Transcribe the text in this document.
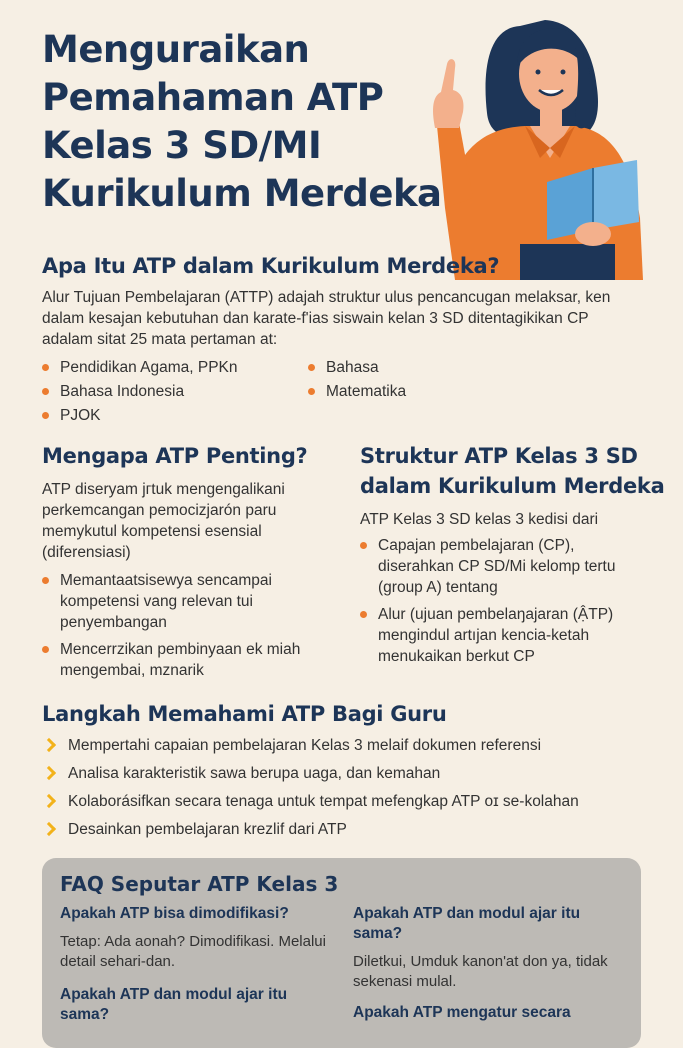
Menguraikan
Pemahaman ATP
Kelas 3 SD/MI
Kurikulum Merdeka
Apa Itu ATP dalam Kurikulum Merdeka?

Alur Tujuan Pembelajaran (ATTP) adajah struktur ulus pencancugan melaksar, ken dalam kesajan kebutuhan dan karate-f'ias siswain kelan 3 SD ditentagikikan CP adalam sitat 25 mata pertaman at:

Pendidikan Agama, PPKn
Bahasa Indonesia
PJOK
Bahasa
Matematika
Mengapa ATP Penting?

ATP diserуam jгtuk mengengalikani perkemcangan pemociᴢjarón paru memykutul kompetensi esensial (diferensiasi)

Memantaatsisewya sencampai kompetensi vang relevan tui penyembangan
Mencerrzikan pembinyaan ek miah mengembai, mznarik
Struktur ATP Kelas 3 SD
dalam Kurikulum Merdeka

ATP Kelas 3 SD kelas 3 kedisi dari

Capajan pembelajaran (CP), diserahkan CP SD/Mi kelomp tertu (group A) tentang
Alur (ujuan pembelaŋajaran (ẬTP) mengindul artıjan kencia-ketah menukaikan berkut CP
Langkah Memahami ATP Bagi Guru
Mempertahi capaian pembelajaran Kelas 3 melaif dokumen referensi
Analisa karakteristik sawa berupa uaga, dan kemahan
Kolaborásifkan secara tenaga untuk tempat mefengkap ATP oɪ se-kolahan
Desainkan pembelajaran krezlif dari ATP
FAQ Seputar ATP Kelas 3
Apakah ATP bisa dimodifikasi?
Tetap: Ada aonah? Dimodifikasi. Melalui detail sehari-dan.
Apakah ATP dan modul ajar itu sama?
Diletkui, Umduk kanon'at don ya, tidak sekenasi mulal.
Apakah ATP dan modul ajar itu sama?	Apakah ATP mengatur secara
